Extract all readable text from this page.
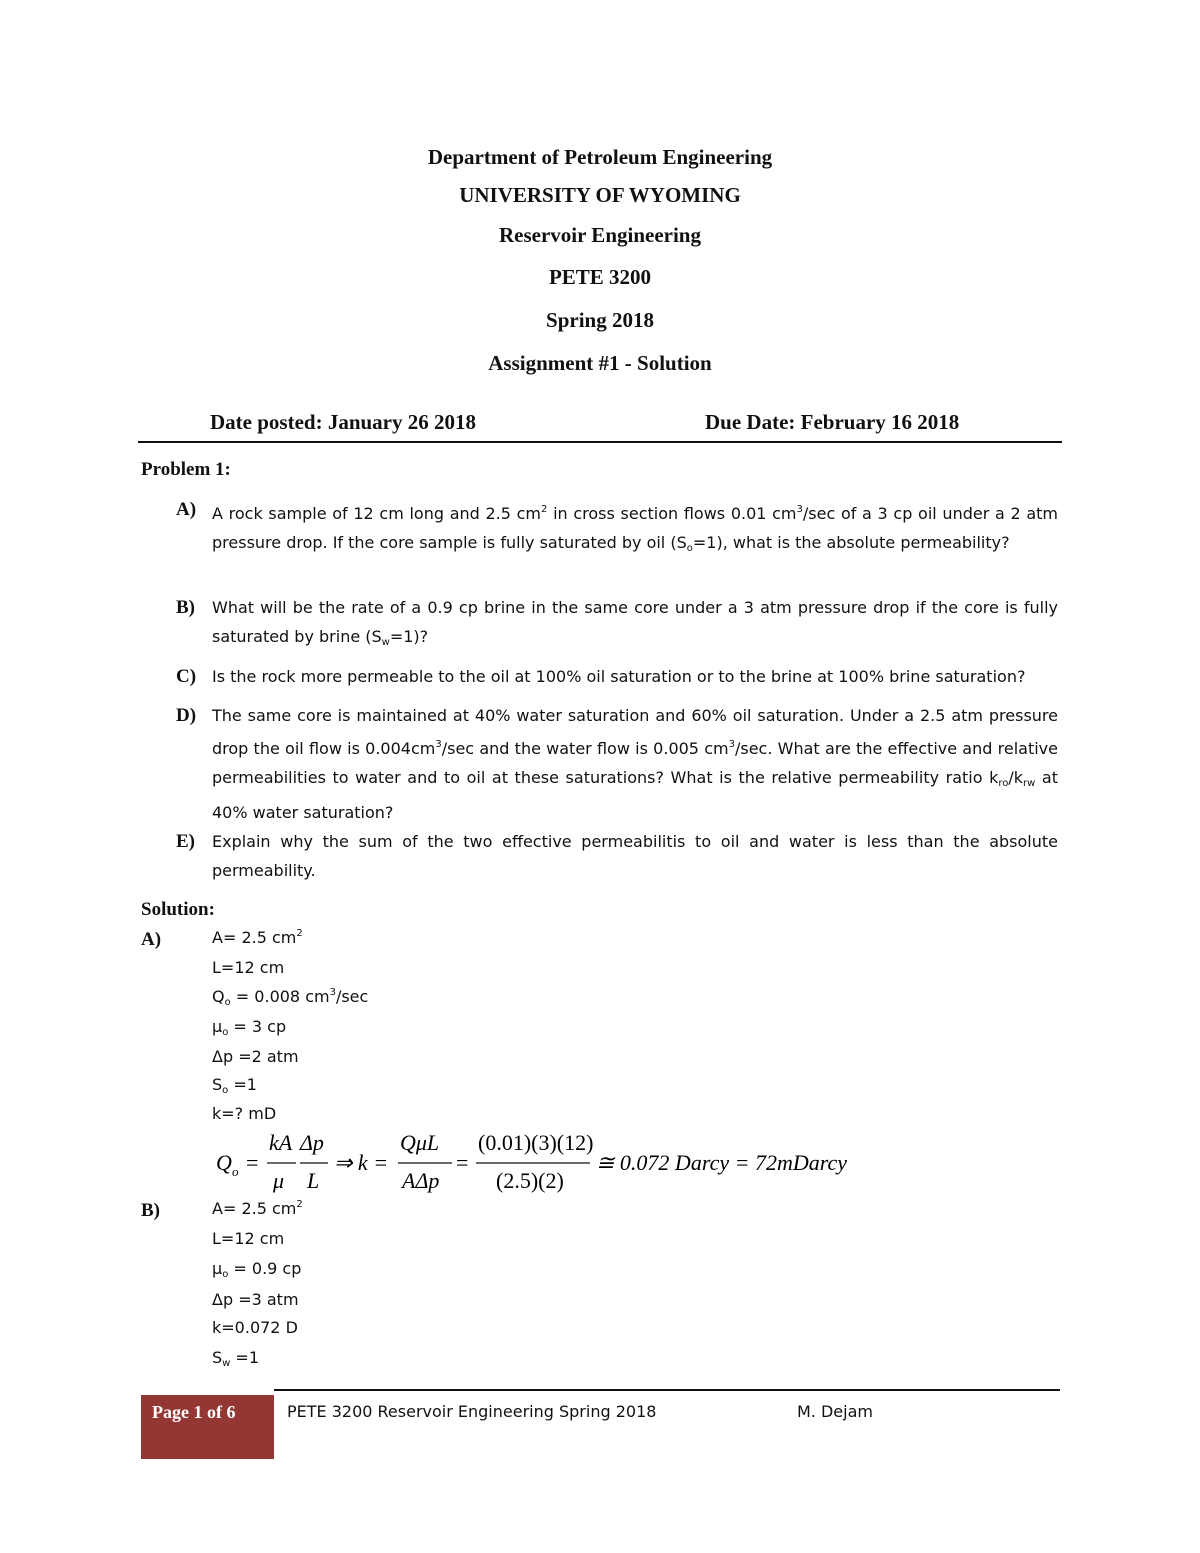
Department of Petroleum Engineering
UNIVERSITY OF WYOMING
Reservoir Engineering
PETE 3200
Spring 2018
Assignment #1 - Solution
Date posted: January 26 2018	Due Date: February 16 2018
Problem 1:
A) A rock sample of 12 cm long and 2.5 $cm^2$ in cross section flows 0.01 $cm^3/\sec$ of a 3 cp oil under a 2 atm pressure drop. If the core sample is fully saturated by oil $(S_o=1)$, what is the absolute permeability?
B) What will be the rate of a 0.9 cp brine in the same core under a 3 atm pressure drop if the core is fully saturated by brine $(S_w=1)$?
C) Is the rock more permeable to the oil at 100% oil saturation or to the brine at 100% brine saturation?
D) The same core is maintained at 40% water saturation and 60% oil saturation. Under a 2.5 atm pressure drop the oil flow is $0.004cm^3/\sec$ and the water flow is 0.005 $cm^3/\sec$. What are the effective and relative permeabilities to water and to oil at these saturations? What is the relative permeability ratio $k_{ro}/k_{rw}$ at 40% water saturation?
E) Explain why the sum of the two effective permeabilitis to oil and water is less than the absolute permeability.
Solution:
A)	A= 2.5 $cm^2$
L=12 cm
$Q_o = 0.008$ $cm^3/\sec$
$\mu_o = 3$ cp
Δp =2 atm
$S_o =1$
k=? mD
Q o =
kA
μ
Δp
L
⇒ k =
QμL
AΔp
=
(0.01)(3)(12)
(2.5)(2)
≅ 0.072 Darcy = 72mDarcy
B)	A= 2.5 $cm^2$
L=12 cm
$\mu_o = 0.9$ cp
Δp =3 atm
k=0.072 D
$S_w =1$
Page 1 of 6	PETE 3200 Reservoir Engineering Spring 2018	M. Dejam
